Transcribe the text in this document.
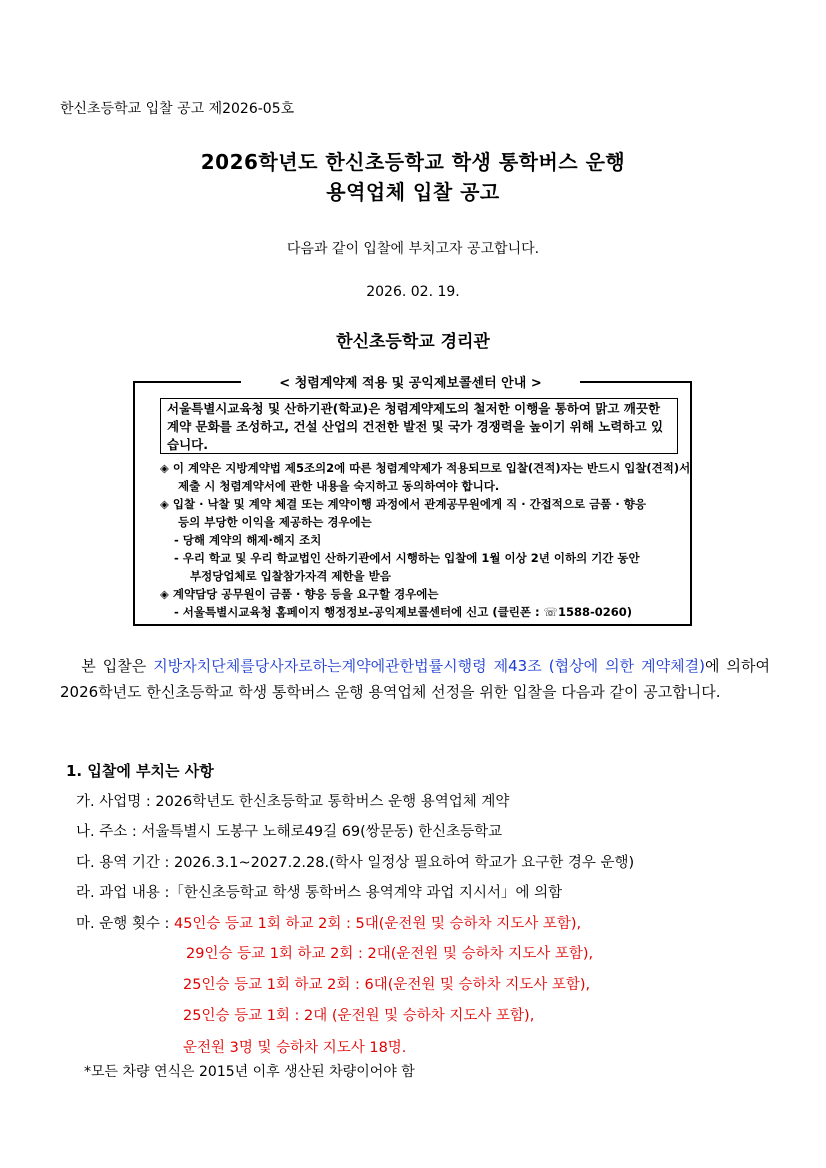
한신초등학교 입찰 공고 제2026-05호
2026학년도 한신초등학교 학생 통학버스 운행
용역업체 입찰 공고
다음과 같이 입찰에 부치고자 공고합니다.
2026. 02. 19.
한신초등학교 경리관
< 청렴계약제 적용 및 공익제보콜센터 안내 >
서울특별시교육청 및 산하기관(학교)은 청렴계약제도의 철저한 이행을 통하여 맑고 깨끗한 계약 문화를 조성하고, 건설 산업의 건전한 발전 및 국가 경쟁력을 높이기 위해 노력하고 있습니다.
◈ 이 계약은 지방계약법 제5조의2에 따른 청렴계약제가 적용되므로 입찰(견적)자는 반드시 입찰(견적)서
제출 시 청렴계약서에 관한 내용을 숙지하고 동의하여야 합니다.
◈ 입찰 · 낙찰 및 계약 체결 또는 계약이행 과정에서 관계공무원에게 직 · 간접적으로 금품 · 향응
등의 부당한 이익을 제공하는 경우에는
- 당해 계약의 해제·해지 조치
- 우리 학교 및 우리 학교법인 산하기관에서 시행하는 입찰에 1월 이상 2년 이하의 기간 동안
부정당업체로 입찰참가자격 제한을 받음
◈ 계약담당 공무원이 금품 · 향응 등을 요구할 경우에는
- 서울특별시교육청 홈페이지 행정정보-공익제보콜센터에 신고 (클린폰 : ☏1588-0260)
본 입찰은 지방자치단체를당사자로하는계약에관한법률시행령 제43조 (협상에 의한 계약체결)에 의하여 2026학년도 한신초등학교 학생 통학버스 운행 용역업체 선정을 위한 입찰을 다음과 같이 공고합니다.
1. 입찰에 부치는 사항
가. 사업명 : 2026학년도 한신초등학교 통학버스 운행 용역업체 계약
나. 주소 : 서울특별시 도봉구 노해로49길 69(쌍문동) 한신초등학교
다. 용역 기간 : 2026.3.1~2027.2.28.(학사 일정상 필요하여 학교가 요구한 경우 운행)
라. 과업 내용 :「한신초등학교 학생 통학버스 용역계약 과업 지시서」에 의함
마. 운행 횟수 : 45인승 등교 1회 하교 2회 : 5대(운전원 및 승하차 지도사 포함),
29인승 등교 1회 하교 2회 : 2대(운전원 및 승하차 지도사 포함),
25인승 등교 1회 하교 2회 : 6대(운전원 및 승하차 지도사 포함),
25인승 등교 1회 : 2대 (운전원 및 승하차 지도사 포함),
운전원 3명 및 승하차 지도사 18명.
*모든 차량 연식은 2015년 이후 생산된 차량이어야 함
